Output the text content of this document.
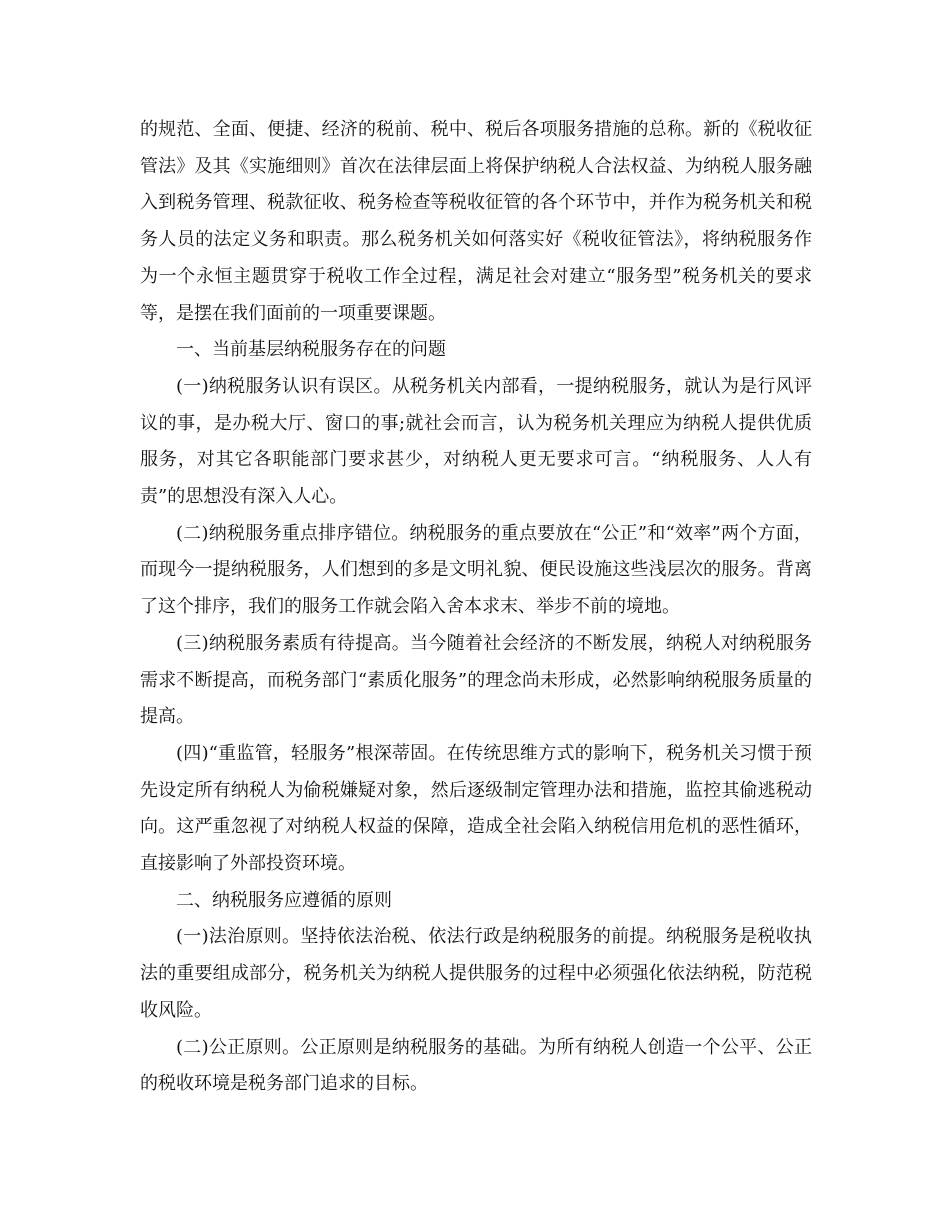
的规范、全面、便捷、经济的税前、税中、税后各项服务措施的总称。新的《税收征管法》及其《实施细则》首次在法律层面上将保护纳税人合法权益、为纳税人服务融入到税务管理、税款征收、税务检查等税收征管的各个环节中，并作为税务机关和税务人员的法定义务和职责。那么税务机关如何落实好《税收征管法》，将纳税服务作为一个永恒主题贯穿于税收工作全过程，满足社会对建立“服务型”税务机关的要求等，是摆在我们面前的一项重要课题。

一、当前基层纳税服务存在的问题

(一)纳税服务认识有误区。从税务机关内部看，一提纳税服务，就认为是行风评议的事，是办税大厅、窗口的事;就社会而言，认为税务机关理应为纳税人提供优质服务，对其它各职能部门要求甚少，对纳税人更无要求可言。“纳税服务、人人有责”的思想没有深入人心。

(二)纳税服务重点排序错位。纳税服务的重点要放在“公正”和“效率”两个方面，而现今一提纳税服务，人们想到的多是文明礼貌、便民设施这些浅层次的服务。背离了这个排序，我们的服务工作就会陷入舍本求末、举步不前的境地。

(三)纳税服务素质有待提高。当今随着社会经济的不断发展，纳税人对纳税服务需求不断提高，而税务部门“素质化服务”的理念尚未形成，必然影响纳税服务质量的提高。

(四)“重监管，轻服务”根深蒂固。在传统思维方式的影响下，税务机关习惯于预先设定所有纳税人为偷税嫌疑对象，然后逐级制定管理办法和措施，监控其偷逃税动向。这严重忽视了对纳税人权益的保障，造成全社会陷入纳税信用危机的恶性循环，直接影响了外部投资环境。

二、纳税服务应遵循的原则

(一)法治原则。坚持依法治税、依法行政是纳税服务的前提。纳税服务是税收执法的重要组成部分，税务机关为纳税人提供服务的过程中必须强化依法纳税，防范税收风险。

(二)公正原则。公正原则是纳税服务的基础。为所有纳税人创造一个公平、公正的税收环境是税务部门追求的目标。
